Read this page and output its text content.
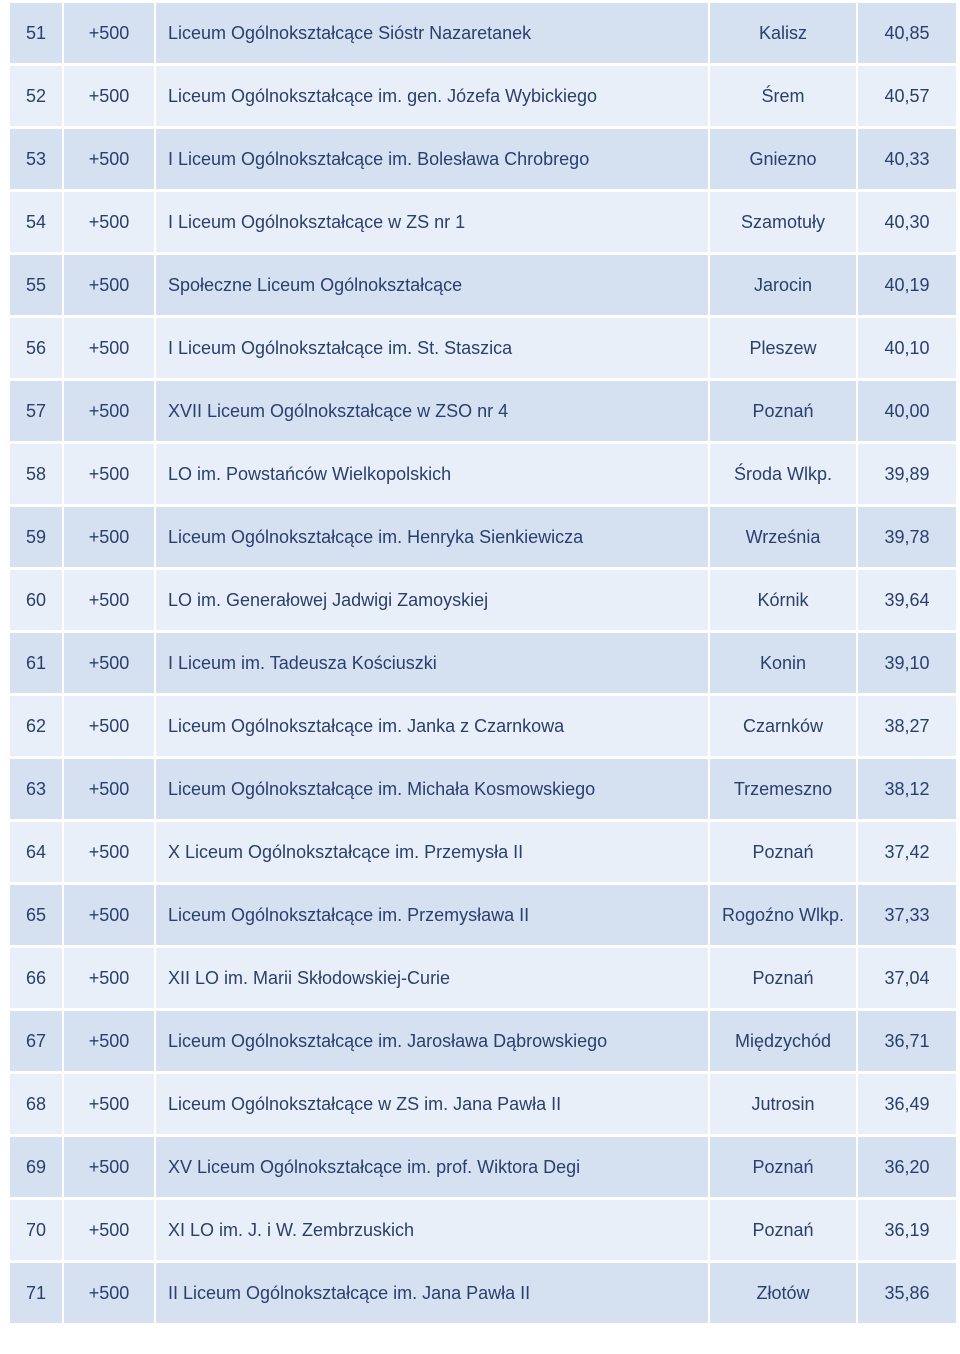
51	+500	Liceum Ogólnokształcące Sióstr Nazaretanek	Kalisz	40,85
52	+500	Liceum Ogólnokształcące im. gen. Józefa Wybickiego	Śrem	40,57
53	+500	I Liceum Ogólnokształcące im. Bolesława Chrobrego	Gniezno	40,33
54	+500	I Liceum Ogólnokształcące w ZS nr 1	Szamotuły	40,30
55	+500	Społeczne Liceum Ogólnokształcące	Jarocin	40,19
56	+500	I Liceum Ogólnokształcące im. St. Staszica	Pleszew	40,10
57	+500	XVII Liceum Ogólnokształcące w ZSO nr 4	Poznań	40,00
58	+500	LO im. Powstańców Wielkopolskich	Środa Wlkp.	39,89
59	+500	Liceum Ogólnokształcące im. Henryka Sienkiewicza	Września	39,78
60	+500	LO im. Generałowej Jadwigi Zamoyskiej	Kórnik	39,64
61	+500	I Liceum im. Tadeusza Kościuszki	Konin	39,10
62	+500	Liceum Ogólnokształcące im. Janka z Czarnkowa	Czarnków	38,27
63	+500	Liceum Ogólnokształcące im. Michała Kosmowskiego	Trzemeszno	38,12
64	+500	X Liceum Ogólnokształcące im. Przemysła II	Poznań	37,42
65	+500	Liceum Ogólnokształcące im. Przemysława II	Rogoźno Wlkp.	37,33
66	+500	XII LO im. Marii Skłodowskiej-Curie	Poznań	37,04
67	+500	Liceum Ogólnokształcące im. Jarosława Dąbrowskiego	Międzychód	36,71
68	+500	Liceum Ogólnokształcące w ZS im. Jana Pawła II	Jutrosin	36,49
69	+500	XV Liceum Ogólnokształcące im. prof. Wiktora Degi	Poznań	36,20
70	+500	XI LO im. J. i W. Zembrzuskich	Poznań	36,19
71	+500	II Liceum Ogólnokształcące im. Jana Pawła II	Złotów	35,86
